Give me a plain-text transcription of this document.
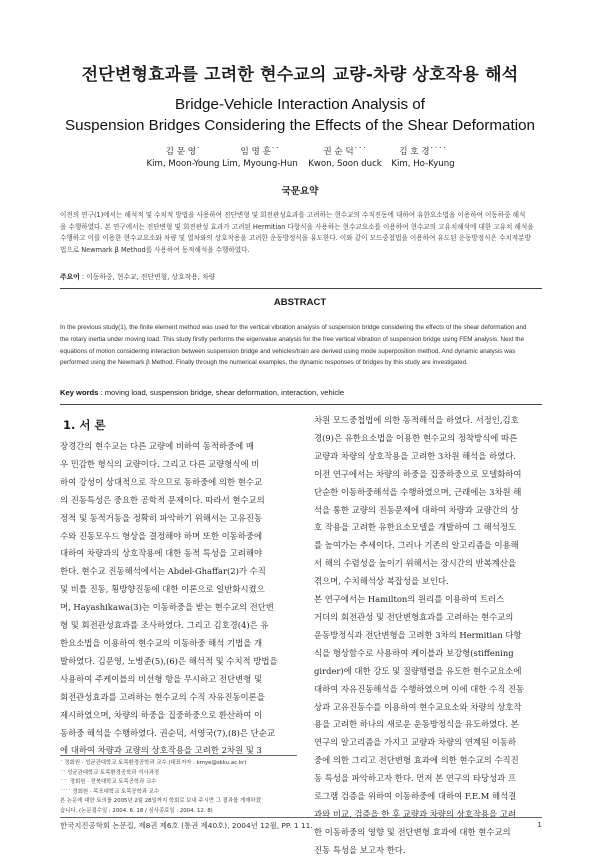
전단변형효과를 고려한 현수교의 교량-차량 상호작용 해석
Bridge-Vehicle Interaction Analysis of
Suspension Bridges Considering the Effects of the Shear Deformation
김 문 영˙
Kim, Moon-Young
임 명 훈˙˙
Lim, Myoung-Hun
권 순 덕˙˙˙
Kwon, Soon duck
김 호 경˙˙˙˙
Kim, Ho-Kyung
국문요약
이전의 연구(1)에서는 해석적 및 수치적 방법을 사용하여 전단변형 및 회전관성효과를 고려하는 현수교의 수직진동에 대하여 유한요소법을 이용하여 이동하중 해석
을 수행하였다. 본 연구에서는 전단변형 및 회전관성 효과가 고려된 Hermitian 다항식을 사용하는 현수교요소를 이용하여 현수교의 고유치해석에 대한 고유치 해석을
수행하고 이를 이용한 현수교요소와 차량 및 열차와의 상호작용을 고려한 운동방정식을 유도한다. 이와 같이 모드중첩법을 이용하여 유도된 운동방정식은 수치적분방
법으로 Newmark β Method를 사용하여 동적해석을 수행하였다.
주요어 : 이동하중, 현수교, 전단변형, 상호작용, 차량
ABSTRACT
In the previous study(1), the finite element method was used for the vertical vibration analysis of suspension bridge considering the effects of the shear deformation and
the rotary inertia under moving load. This study firstly performs the eigenvalue analysis for the free vertical vibration of suspension bridge using FEM analysis. Next the
equations of motion considering interaction between suspension bridge and vehicles/train are derived using mode superposition method. And dynamic analysis was
performed using the Newmark β Method. Finally through the numerical examples, the dynamic responses of bridges by this study are investigated.
Key words : moving load, suspension bridge, shear deformation, interaction, vehicle
1. 서 론
장경간의 현수교는 다른 교량에 비하여 동적하중에 매
우 민감한 형식의 교량이다. 그리고 다른 교량형식에 비
하여 강성이 상대적으로 작으므로 동하중에 의한 현수교
의 진동특성은 중요한 공학적 문제이다. 따라서 현수교의
정적 및 동적거동을 정확히 파악하기 위해서는 고유진동
수와 진동모우드 형상을 결정해야 하며 또한 이동하중에
대하여 차량과의 상호작용에 대한 동적 특성을 고려해야
한다. 현수교 진동해석에서는 Abdel-Ghaffar(2)가 수직
및 비틀 진동, 횡방향진동에 대한 이론으로 일반화시켰으
며, Hayashikawa(3)는 이동하중을 받는 현수교의 전단변
형 및 회전관성효과를 조사하였다. 그리고 김호경(4)은 유
한요소법을 이용하여 현수교의 이동하중 해석 기법을 개
발하였다. 김문영, 노병준(5),(6)은 해석적 및 수치적 방법을
사용하여 주케이블의 비선형 항을 무시하고 전단변형 및
회전관성효과를 고려하는 현수교의 수직 자유진동이론을
제시하였으며, 차량의 하중을 집중하중으로 환산하여 이
동하중 해석을 수행하였다. 권순덕, 서영국(7),(8)은 단순교
에 대하여 차량과 교량의 상호작용을 고려한 2차원 및 3
차원 모드중첩법에 의한 동적해석을 하였다. 서정인,김호
경(9)은 유한요소법을 이용한 현수교의 정착방식에 따른
교량과 차량의 상호작용을 고려한 3차원 해석을 하였다.
이전 연구에서는 차량의 하중을 집중하중으로 모델화하여
단순한 이동하중해석을 수행하였으며, 근래에는 3차원 해
석을 통한 교량의 진동문제에 대하여 차량과 교량간의 상
호 작용을 고려한 유한요소모델을 개발하여 그 해석정도
를 높여가는 추세이다. 그러나 기존의 알고리즘을 이용해
서 해의 수렴성을 높이기 위해서는 장시간의 반복계산을
겪으며, 수치해석상 복잡성을 보인다.
본 연구에서는 Hamilton의 원리를 이용하여 트러스
거더의 회전관성 및 전단변형효과를 고려하는 현수교의
운동방정식과 전단변형을 고려한 3차의 Hermitian 다항
식을 형상함수로 사용하여 케이블과 보강형(stiffening
girder)에 대한 강도 및 질량행렬을 유도한 현수교요소에
대하여 자유진동해석을 수행하였으며 이에 대한 수직 진동
상과 고유진동수를 이용하여 현수교요소와 차량의 상호작
용을 고려한 하나의 새로운 운동방정식을 유도하였다. 본
연구의 알고리즘을 가지고 교량과 차량의 연계된 이동하
중에 의한 그리고 전단변형 효과에 의한 현수교의 수직진
동 특성을 파악하고자 한다. 먼저 본 연구의 타당성과 프
로그램 검증을 위하여 이동하중에 대하여 F.E.M 해석결
과와 비교, 검증을 한 후 교량과 차량의 상호작용을 고려
한 이동하중의 영향 및 전단변형 효과에 대한 현수교의
진동 특성을 보고자 한다.
˙ 정회원 · 성균관대학교 토목환경공학과 교수 (대표저자 : kmye@skku.ac.kr)
˙˙ 성균관대학교 토목환경공학과 석사과정
˙˙˙ 정회원 · 전북대학교 토목공학과 교수
˙˙˙˙ 정회원 · 목포대학교 토목공학과 교수
본 논문에 대한 토의를 2005년 2월 28일까지 학회로 보내 주시면 그 결과를 게재하겠
습니다. (논문접수일 : 2004. 6. 18 / 심사종료일 : 2004. 12. 8)
한국지진공학회 논문집, 제8권 제6호 (통권 제40호), 2004년 12월, PP. 1 11.	1
